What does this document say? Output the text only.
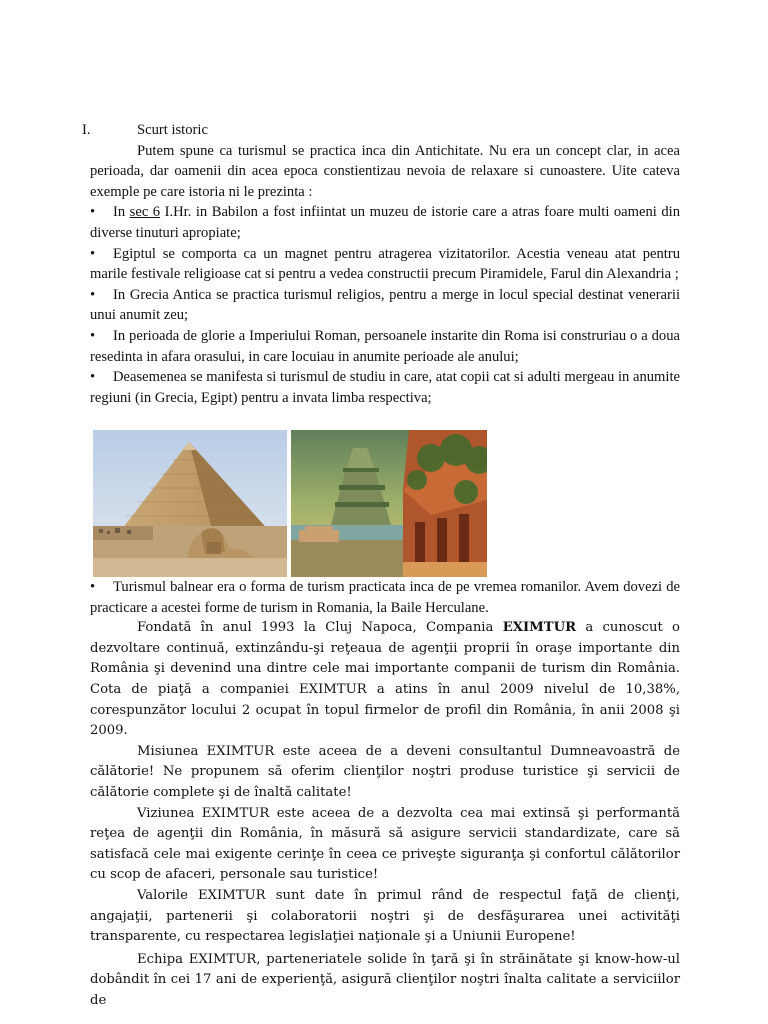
I.	Scurt istoric

Putem spune ca turismul se practica inca din Antichitate. Nu era un concept clar, in acea perioada, dar oamenii din acea epoca constientizau nevoia de relaxare si cunoastere. Uite cateva exemple pe care istoria ni le prezinta :

• In sec 6 I.Hr. in Babilon a fost infiintat un muzeu de istorie care a atras foare multi oameni din diverse tinuturi apropiate;

• Egiptul se comporta ca un magnet pentru atragerea vizitatorilor. Acestia veneau atat pentru marile festivale religioase cat si pentru a vedea constructii precum Piramidele, Farul din Alexandria ;

• In Grecia Antica se practica turismul religios, pentru a merge in locul special destinat venerarii unui anumit zeu;

• In perioada de glorie a Imperiului Roman, persoanele instarite din Roma isi construriau o a doua resedinta in afara orasului, in care locuiau in anumite perioade ale anului;

• Deasemenea se manifesta si turismul de studiu in care, atat copii cat si adulti mergeau in anumite regiuni (in Grecia, Egipt) pentru a invata limba respectiva;

• Turismul balnear era o forma de turism practicata inca de pe vremea romanilor. Avem dovezi de practicare a acestei forme de turism in Romania, la Baile Herculane.

Fondată în anul 1993 la Cluj Napoca, Compania EXIMTUR a cunoscut o dezvoltare continuă, extinzându-şi reţeaua de agenţii proprii în oraşe importante din România şi devenind una dintre cele mai importante companii de turism din România. Cota de piaţă a companiei EXIMTUR a atins în anul 2009 nivelul de 10,38%, corespunzător locului 2 ocupat în topul firmelor de profil din România, în anii 2008 şi 2009.

Misiunea EXIMTUR este aceea de a deveni consultantul Dumneavoastră de călătorie! Ne propunem să oferim clienţilor noştri produse turistice şi servicii de călătorie complete şi de înaltă calitate!

Viziunea EXIMTUR este aceea de a dezvolta cea mai extinsă şi performantă reţea de agenţii din România, în măsură să asigure servicii standardizate, care să satisfacă cele mai exigente cerinţe în ceea ce priveşte siguranţa şi confortul călătorilor cu scop de afaceri, personale sau turistice!

Valorile EXIMTUR sunt date în primul rând de respectul faţă de clienţi, angajaţii, partenerii şi colaboratorii noştri şi de desfăşurarea unei activităţi transparente, cu respectarea legislaţiei naţionale şi a Uniunii Europene!

Echipa EXIMTUR, parteneriatele solide în ţară şi în străinătate şi know-how-ul dobândit în cei 17 ani de experienţă, asigură clienţilor noştri înalta calitate a serviciilor de
